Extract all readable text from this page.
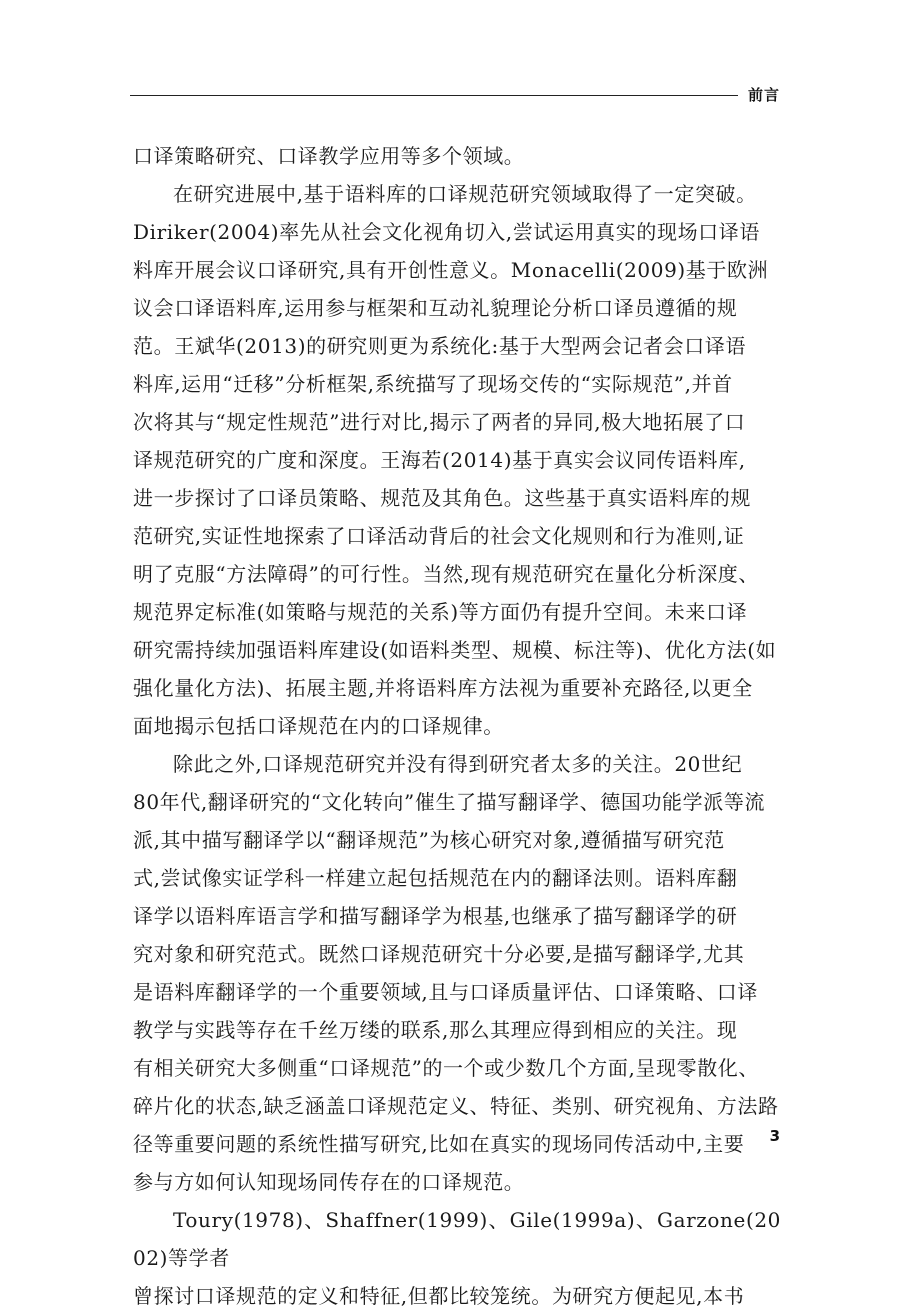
前言

口译策略研究、口译教学应用等多个领域。

在研究进展中,基于语料库的口译规范研究领域取得了一定突破。
Diriker(2004)率先从社会文化视角切入,尝试运用真实的现场口译语
料库开展会议口译研究,具有开创性意义。Monacelli(2009)基于欧洲
议会口译语料库,运用参与框架和互动礼貌理论分析口译员遵循的规
范。王斌华(2013)的研究则更为系统化:基于大型两会记者会口译语
料库,运用“迁移”分析框架,系统描写了现场交传的“实际规范”,并首
次将其与“规定性规范”进行对比,揭示了两者的异同,极大地拓展了口
译规范研究的广度和深度。王海若(2014)基于真实会议同传语料库,
进一步探讨了口译员策略、规范及其角色。这些基于真实语料库的规
范研究,实证性地探索了口译活动背后的社会文化规则和行为准则,证
明了克服“方法障碍”的可行性。当然,现有规范研究在量化分析深度、
规范界定标准(如策略与规范的关系)等方面仍有提升空间。未来口译
研究需持续加强语料库建设(如语料类型、规模、标注等)、优化方法(如
强化量化方法)、拓展主题,并将语料库方法视为重要补充路径,以更全
面地揭示包括口译规范在内的口译规律。

除此之外,口译规范研究并没有得到研究者太多的关注。20世纪
80年代,翻译研究的“文化转向”催生了描写翻译学、德国功能学派等流
派,其中描写翻译学以“翻译规范”为核心研究对象,遵循描写研究范
式,尝试像实证学科一样建立起包括规范在内的翻译法则。语料库翻
译学以语料库语言学和描写翻译学为根基,也继承了描写翻译学的研
究对象和研究范式。既然口译规范研究十分必要,是描写翻译学,尤其
是语料库翻译学的一个重要领域,且与口译质量评估、口译策略、口译
教学与实践等存在千丝万缕的联系,那么其理应得到相应的关注。现
有相关研究大多侧重“口译规范”的一个或少数几个方面,呈现零散化、
碎片化的状态,缺乏涵盖口译规范定义、特征、类别、研究视角、方法路
径等重要问题的系统性描写研究,比如在真实的现场同传活动中,主要
参与方如何认知现场同传存在的口译规范。

Toury(1978)、Shaffner(1999)、Gile(1999a)、Garzone(2002)等学者
曾探讨口译规范的定义和特征,但都比较笼统。为研究方便起见,本书

3
